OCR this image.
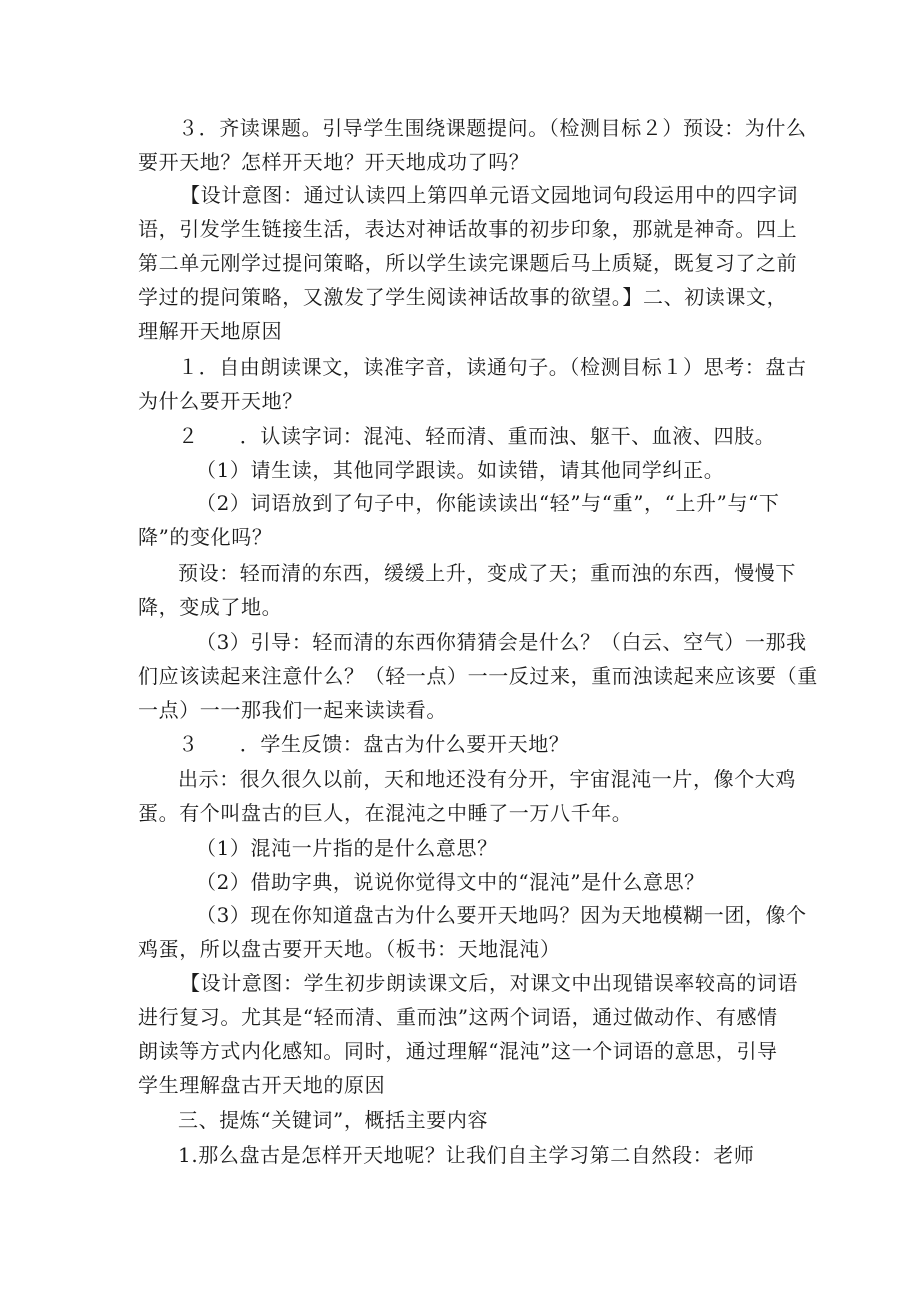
３．齐读课题。引导学生围绕课题提问。（检测目标２）预设：为什么

要开天地？怎样开天地？开天地成功了吗？

【设计意图：通过认读四上第四单元语文园地词句段运用中的四字词

语，引发学生链接生活，表达对神话故事的初步印象，那就是神奇。四上

第二单元刚学过提问策略，所以学生读完课题后马上质疑，既复习了之前

学过的提问策略，又激发了学生阅读神话故事的欲望。】二、初读课文，

理解开天地原因

１．自由朗读课文，读准字音，读通句子。（检测目标１）思考：盘古

为什么要开天地？

２　　．认读字词：混沌、轻而清、重而浊、躯干、血液、四肢。

（1）请生读，其他同学跟读。如读错，请其他同学纠正。

（2）词语放到了句子中，你能读读出“轻”与“重”，“上升”与“下

降”的变化吗？

预设：轻而清的东西，缓缓上升，变成了天；重而浊的东西，慢慢下

降，变成了地。

（3）引导：轻而清的东西你猜猜会是什么？（白云、空气）一那我

们应该读起来注意什么？（轻一点）一一反过来，重而浊读起来应该要（重

一点）一一那我们一起来读读看。

３　　．学生反馈：盘古为什么要开天地？

出示：很久很久以前，天和地还没有分开，宇宙混沌一片，像个大鸡

蛋。有个叫盘古的巨人，在混沌之中睡了一万八千年。

（1）混沌一片指的是什么意思？

（2）借助字典，说说你觉得文中的“混沌”是什么意思？

（3）现在你知道盘古为什么要开天地吗？因为天地模糊一团，像个

鸡蛋，所以盘古要开天地。（板书：天地混沌）

【设计意图：学生初步朗读课文后，对课文中出现错误率较高的词语

进行复习。尤其是“轻而清、重而浊”这两个词语，通过做动作、有感情

朗读等方式内化感知。同时，通过理解“混沌”这一个词语的意思，引导

学生理解盘古开天地的原因

三、提炼“关键词”，概括主要内容

1.那么盘古是怎样开天地呢？让我们自主学习第二自然段：老师
